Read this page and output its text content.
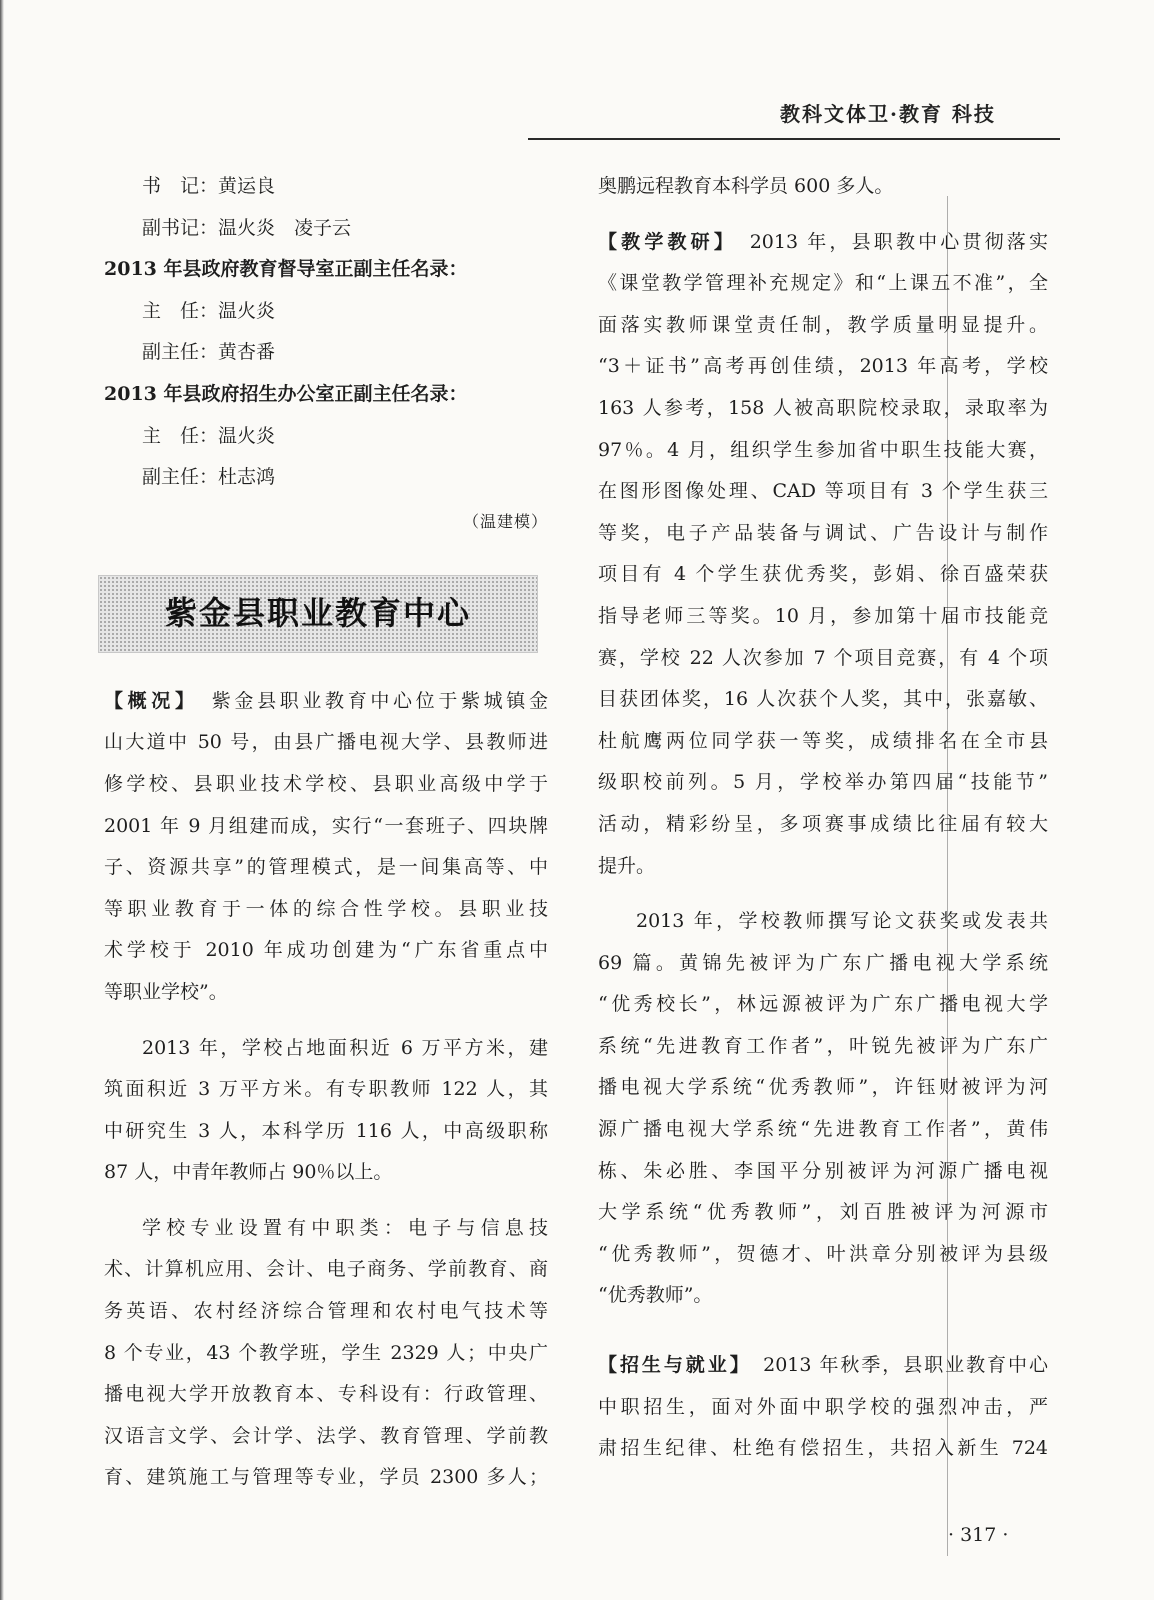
教科文体卫·教育 科技
书　记：黄运良
副书记：温火炎　凌子云
2013 年县政府教育督导室正副主任名录：
主　任：温火炎
副主任：黄杏番
2013 年县政府招生办公室正副主任名录：
主　任：温火炎
副主任：杜志鸿
（温建模）
紫金县职业教育中心
【概况】　 紫金县职业教育中心位于紫城镇金
山大道中 50 号，由县广播电视大学、县教师进
修学校、县职业技术学校、县职业高级中学于
2001 年 9 月组建而成，实行“一套班子、四块牌
子、资源共享”的管理模式，是一间集高等、中
等职业教育于一体的综合性学校。县职业技
术学校于 2010 年成功创建为“广东省重点中
等职业学校”。
2013 年，学校占地面积近 6 万平方米，建
筑面积近 3 万平方米。有专职教师 122 人，其
中研究生 3 人，本科学历 116 人，中高级职称
87 人，中青年教师占 90％以上。
学校专业设置有中职类：电子与信息技
术、计算机应用、会计、电子商务、学前教育、商
务英语、农村经济综合管理和农村电气技术等
8 个专业，43 个教学班，学生 2329 人；中央广
播电视大学开放教育本、专科设有：行政管理、
汉语言文学、会计学、法学、教育管理、学前教
育、建筑施工与管理等专业，学员 2300 多人；
奥鹏远程教育本科学员 600 多人。
【教学教研】　 2013 年，县职教中心贯彻落实
《课堂教学管理补充规定》和“上课五不准”，全
面落实教师课堂责任制，教学质量明显提升。
“3＋证书”高考再创佳绩，2013 年高考，学校
163 人参考，158 人被高职院校录取，录取率为
97％。4 月，组织学生参加省中职生技能大赛，
在图形图像处理、CAD 等项目有 3 个学生获三
等奖，电子产品装备与调试、广告设计与制作
项目有 4 个学生获优秀奖，彭娟、徐百盛荣获
指导老师三等奖。10 月，参加第十届市技能竞
赛，学校 22 人次参加 7 个项目竞赛，有 4 个项
目获团体奖，16 人次获个人奖，其中，张嘉敏、
杜航鹰两位同学获一等奖，成绩排名在全市县
级职校前列。5 月，学校举办第四届“技能节”
活动，精彩纷呈，多项赛事成绩比往届有较大
提升。
2013 年，学校教师撰写论文获奖或发表共
69 篇。黄锦先被评为广东广播电视大学系统
“优秀校长”，林远源被评为广东广播电视大学
系统“先进教育工作者”，叶锐先被评为广东广
播电视大学系统“优秀教师”，许钰财被评为河
源广播电视大学系统“先进教育工作者”，黄伟
栋、朱必胜、李国平分别被评为河源广播电视
大学系统“优秀教师”，刘百胜被评为河源市
“优秀教师”，贺德才、叶洪章分别被评为县级
“优秀教师”。
【招生与就业】　 2013 年秋季，县职业教育中心
中职招生，面对外面中职学校的强烈冲击，严
肃招生纪律、杜绝有偿招生，共招入新生 724
· 317 ·
